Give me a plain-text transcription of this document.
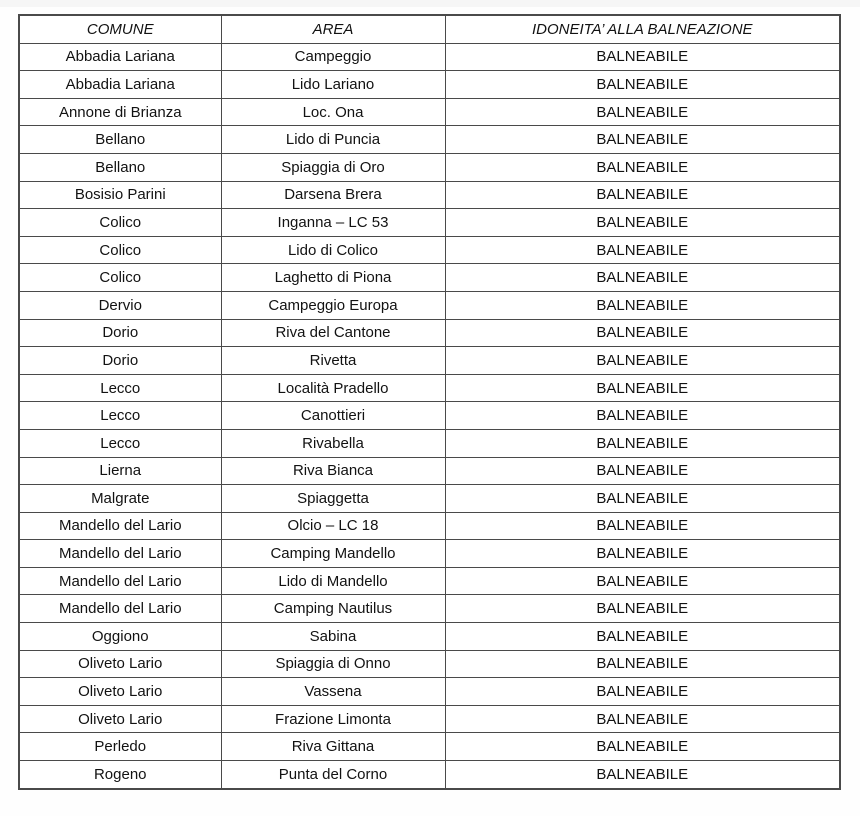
COMUNE	AREA	IDONEITA’ ALLA BALNEAZIONE
Abbadia Lariana	Campeggio	BALNEABILE
Abbadia Lariana	Lido Lariano	BALNEABILE
Annone di Brianza	Loc. Ona	BALNEABILE
Bellano	Lido di Puncia	BALNEABILE
Bellano	Spiaggia di Oro	BALNEABILE
Bosisio Parini	Darsena Brera	BALNEABILE
Colico	Inganna – LC 53	BALNEABILE
Colico	Lido di Colico	BALNEABILE
Colico	Laghetto di Piona	BALNEABILE
Dervio	Campeggio Europa	BALNEABILE
Dorio	Riva del Cantone	BALNEABILE
Dorio	Rivetta	BALNEABILE
Lecco	Località Pradello	BALNEABILE
Lecco	Canottieri	BALNEABILE
Lecco	Rivabella	BALNEABILE
Lierna	Riva Bianca	BALNEABILE
Malgrate	Spiaggetta	BALNEABILE
Mandello del Lario	Olcio – LC 18	BALNEABILE
Mandello del Lario	Camping Mandello	BALNEABILE
Mandello del Lario	Lido di Mandello	BALNEABILE
Mandello del Lario	Camping Nautilus	BALNEABILE
Oggiono	Sabina	BALNEABILE
Oliveto Lario	Spiaggia di Onno	BALNEABILE
Oliveto Lario	Vassena	BALNEABILE
Oliveto Lario	Frazione Limonta	BALNEABILE
Perledo	Riva Gittana	BALNEABILE
Rogeno	Punta del Corno	BALNEABILE
